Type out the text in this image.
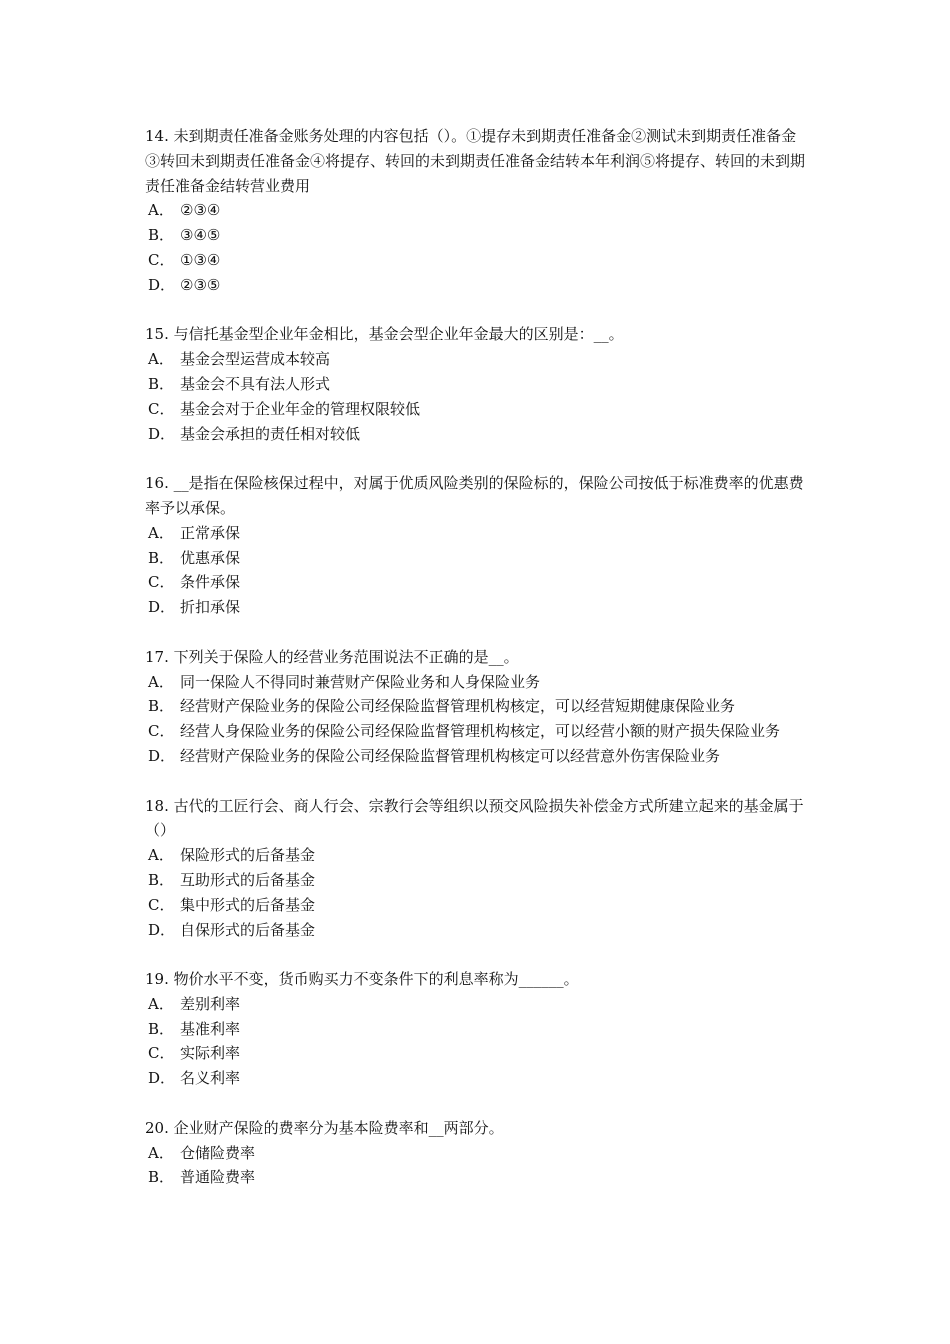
14. 未到期责任准备金账务处理的内容包括（）。①提存未到期责任准备金②测试未到期责任准备金③转回未到期责任准备金④将提存、转回的未到期责任准备金结转本年利润⑤将提存、转回的未到期责任准备金结转营业费用

A． ②③④

B． ③④⑤

C． ①③④

D． ②③⑤

15. 与信托基金型企业年金相比，基金会型企业年金最大的区别是：__。

A． 基金会型运营成本较高

B． 基金会不具有法人形式

C． 基金会对于企业年金的管理权限较低

D． 基金会承担的责任相对较低

16. __是指在保险核保过程中，对属于优质风险类别的保险标的，保险公司按低于标准费率的优惠费率予以承保。

A． 正常承保

B． 优惠承保

C． 条件承保

D． 折扣承保

17. 下列关于保险人的经营业务范围说法不正确的是__。

A． 同一保险人不得同时兼营财产保险业务和人身保险业务

B． 经营财产保险业务的保险公司经保险监督管理机构核定，可以经营短期健康保险业务

C． 经营人身保险业务的保险公司经保险监督管理机构核定，可以经营小额的财产损失保险业务

D． 经营财产保险业务的保险公司经保险监督管理机构核定可以经营意外伤害保险业务

18. 古代的工匠行会、商人行会、宗教行会等组织以预交风险损失补偿金方式所建立起来的基金属于（）

A． 保险形式的后备基金

B． 互助形式的后备基金

C． 集中形式的后备基金

D． 自保形式的后备基金

19. 物价水平不变，货币购买力不变条件下的利息率称为______。

A． 差别利率

B． 基准利率

C． 实际利率

D． 名义利率

20. 企业财产保险的费率分为基本险费率和__两部分。

A． 仓储险费率

B． 普通险费率
